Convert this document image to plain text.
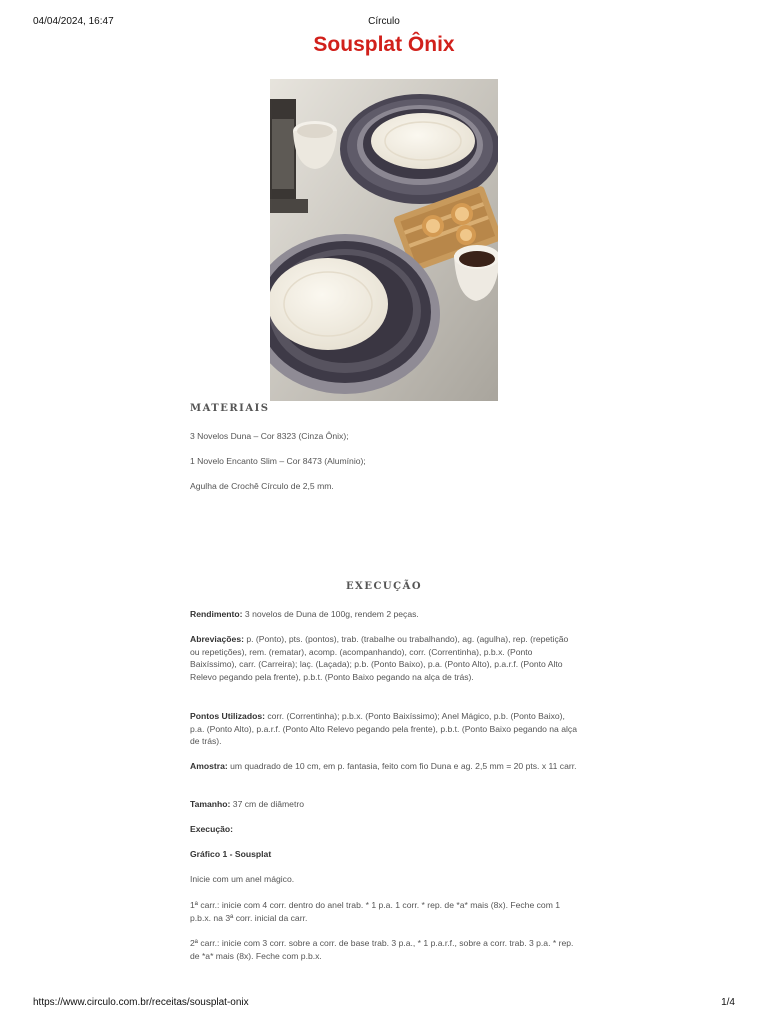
04/04/2024, 16:47	Círculo
Sousplat Ônix
MATERIAIS

3 Novelos Duna – Cor 8323 (Cinza Ônix);

1 Novelo Encanto Slim – Cor 8473 (Alumínio);

Agulha de Crochê Círculo de 2,5 mm.

EXECUÇÃO

Rendimento: 3 novelos de Duna de 100g, rendem 2 peças.

Abreviações: p. (Ponto), pts. (pontos), trab. (trabalhe ou trabalhando), ag. (agulha), rep. (repetição ou repetições), rem. (rematar), acomp. (acompanhando), corr. (Correntinha), p.b.x. (Ponto Baixíssimo), carr. (Carreira); laç. (Laçada); p.b. (Ponto Baixo), p.a. (Ponto Alto), p.a.r.f. (Ponto Alto Relevo pegando pela frente), p.b.t. (Ponto Baixo pegando na alça de trás).

Pontos Utilizados: corr. (Correntinha); p.b.x. (Ponto Baixíssimo); Anel Mágico, p.b. (Ponto Baixo), p.a. (Ponto Alto), p.a.r.f. (Ponto Alto Relevo pegando pela frente), p.b.t. (Ponto Baixo pegando na alça de trás).

Amostra: um quadrado de 10 cm, em p. fantasia, feito com fio Duna e ag. 2,5 mm = 20 pts. x 11 carr.

Tamanho: 37 cm de diâmetro

Execução:

Gráfico 1 - Sousplat

Inicie com um anel mágico.

1ª carr.: inicie com 4 corr. dentro do anel trab. * 1 p.a. 1 corr. * rep. de *a* mais (8x). Feche com 1 p.b.x. na 3ª corr. inicial da carr.

2ª carr.: inicie com 3 corr. sobre a corr. de base trab. 3 p.a., * 1 p.a.r.f., sobre a corr. trab. 3 p.a. * rep. de *a* mais (8x). Feche com p.b.x.

https://www.circulo.com.br/receitas/sousplat-onix	1/4
